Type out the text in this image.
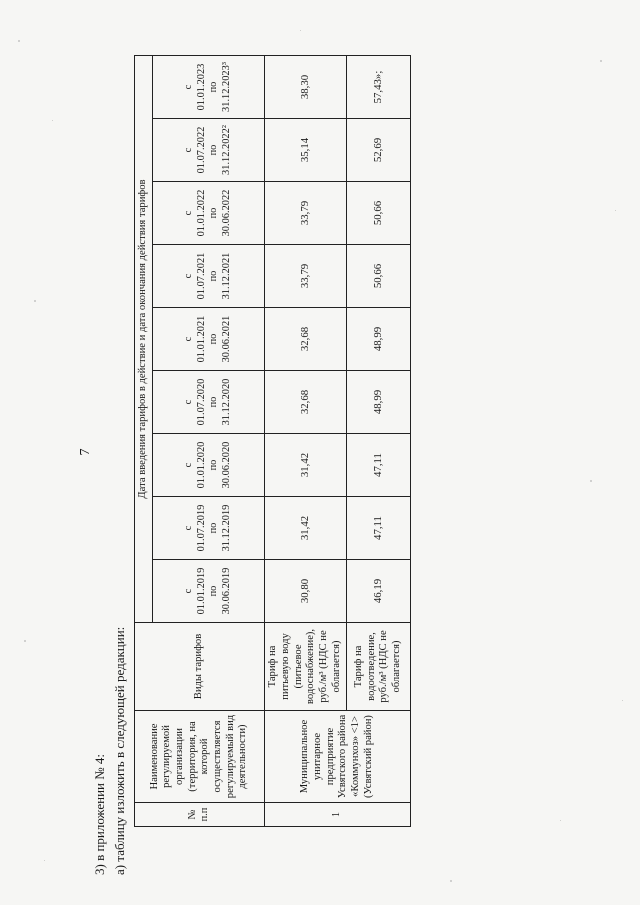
7
3) в приложении № 4: а) таблицу изложить в следующей редакции:	№
п.п	Наименование регулируемой организации (территория, на которой осуществляется регулируемый вид деятельности)	Виды тарифов	Дата введения тарифов в действие и дата окончания действия тарифов								
			с
01.01.2019
по
30.06.2019	с
01.07.2019
по
31.12.2019	с
01.01.2020
по
30.06.2020	с
01.07.2020
по
31.12.2020	с
01.01.2021
по
30.06.2021	с
01.07.2021
по
31.12.2021	с
01.01.2022
по
30.06.2022	с
01.07.2022
по
31.12.2022²	с
01.01.2023
по
31.12.2023³
1	Муниципальное унитарное предприятие Усвятского района «Коммунхоз» <1> (Усвятский район)	Тариф на питьевую воду (питьевое водоснабжение), руб./м³ (НДС не облагается)	30,80	31,42	31,42	32,68	32,68	33,79	33,79	35,14	38,30
		Тариф на водоотведение, руб./м³ (НДС не облагается)	46,19	47,11	47,11	48,99	48,99	50,66	50,66	52,69	57,43»;
